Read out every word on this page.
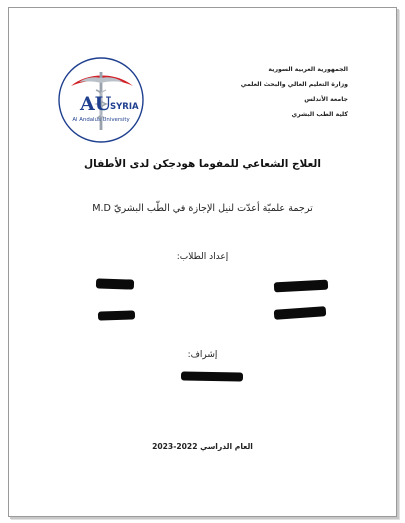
AU
SYRIA
Al Andalus University
الجمهورية العربية السورية
وزارة التعليم العالي والبحث العلمي
جامعة الأندلس
كلية الطب البشري
العلاج الشعاعي للمفوما هودجكن لدى الأطفال
ترجمة علميّة أعدّت لنيل الإجازة في الطّب البشريّ M.D
إعداد الطلاب:
إشراف:
العام الدراسي 2022-2023
